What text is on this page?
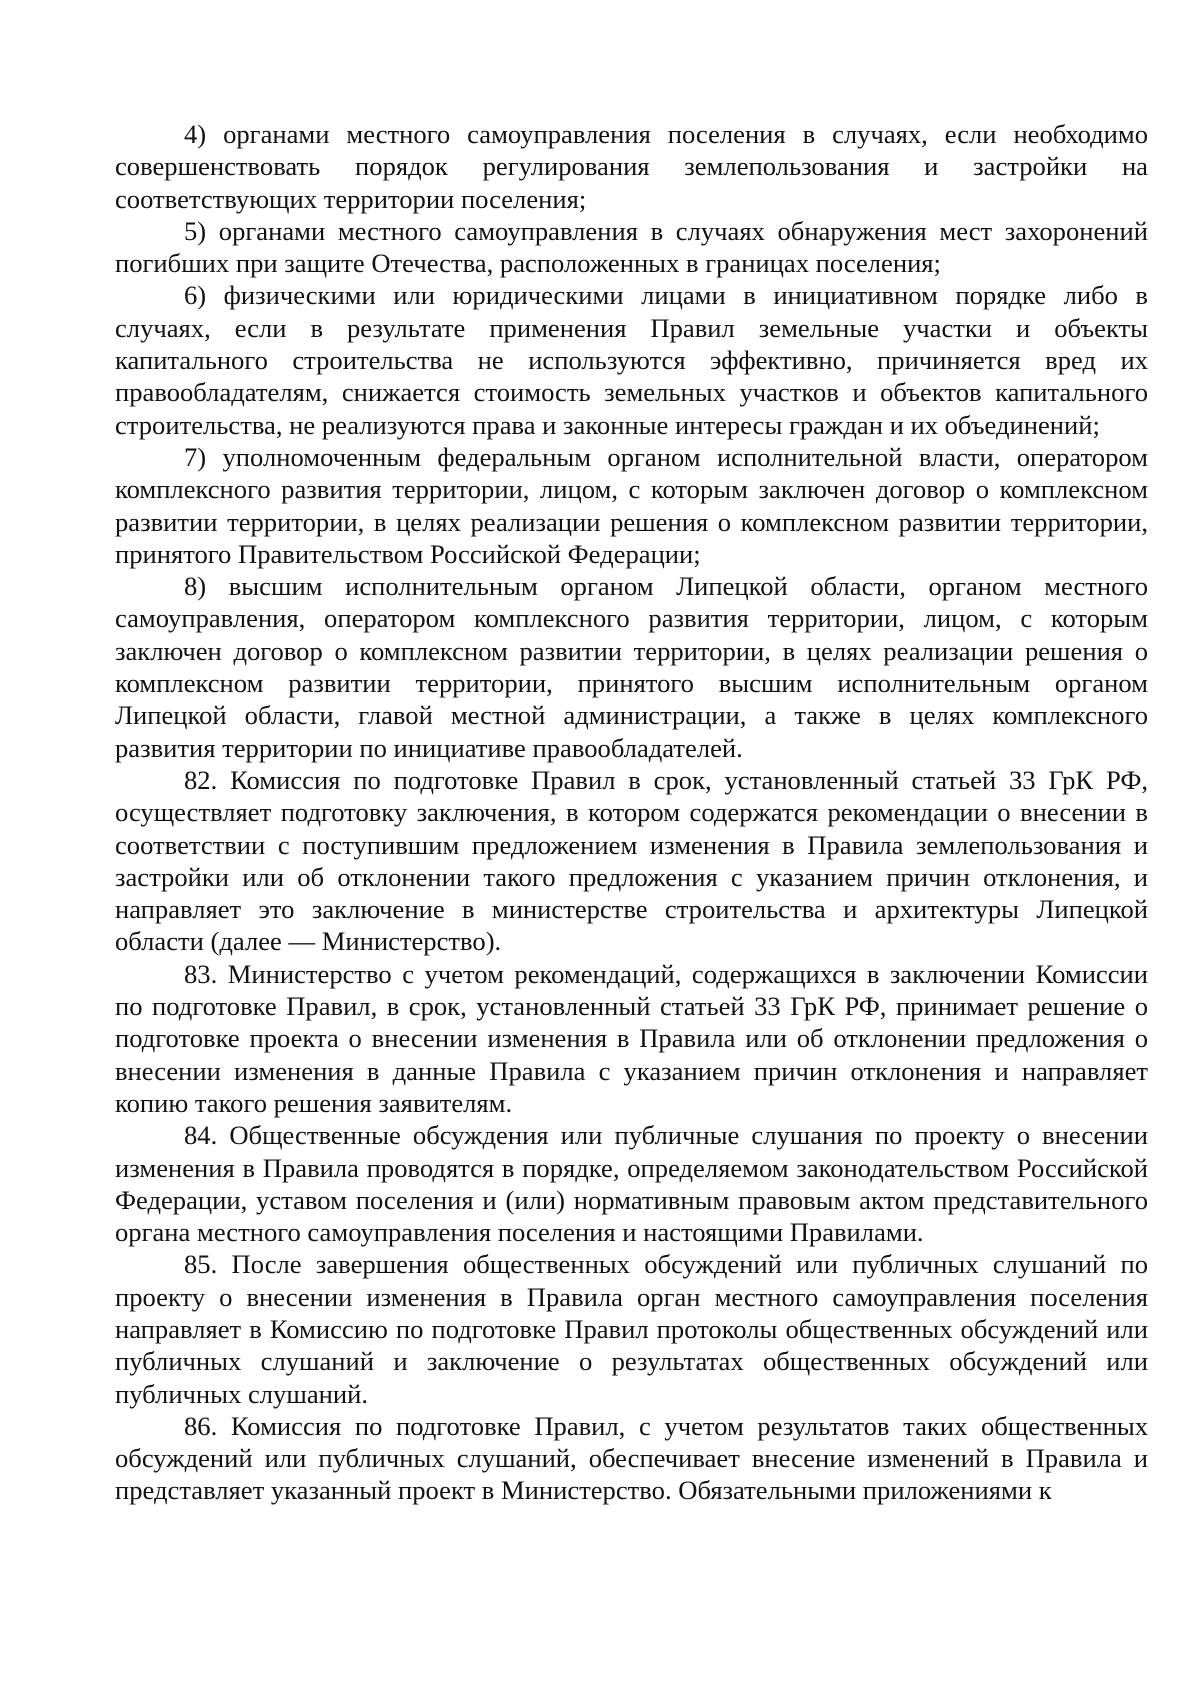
4) органами местного самоуправления поселения в случаях, если необходимо совершенствовать порядок регулирования землепользования и застройки на соответствующих территории поселения;

5) органами местного самоуправления в случаях обнаружения мест захоронений погибших при защите Отечества, расположенных в границах поселения;

6) физическими или юридическими лицами в инициативном порядке либо в случаях, если в результате применения Правил земельные участки и объекты капитального строительства не используются эффективно, причиняется вред их правообладателям, снижается стоимость земельных участков и объектов капитального строительства, не реализуются права и законные интересы граждан и их объединений;

7) уполномоченным федеральным органом исполнительной власти, оператором комплексного развития территории, лицом, с которым заключен договор о комплексном развитии территории, в целях реализации решения о комплексном развитии территории, принятого Правительством Российской Федерации;

8) высшим исполнительным органом Липецкой области, органом местного самоуправления, оператором комплексного развития территории, лицом, с которым заключен договор о комплексном развитии территории, в целях реализации решения о комплексном развитии территории, принятого высшим исполнительным органом Липецкой области, главой местной администрации, а также в целях комплексного развития территории по инициативе правообладателей.

82. Комиссия по подготовке Правил в срок, установленный статьей 33 ГрК РФ, осуществляет подготовку заключения, в котором содержатся рекомендации о внесении в соответствии с поступившим предложением изменения в Правила землепользования и застройки или об отклонении такого предложения с указанием причин отклонения, и направляет это заключение в министерстве строительства и архитектуры Липецкой области (далее — Министерство).

83. Министерство с учетом рекомендаций, содержащихся в заключении Комиссии по подготовке Правил, в срок, установленный статьей 33 ГрК РФ, принимает решение о подготовке проекта о внесении изменения в Правила или об отклонении предложения о внесении изменения в данные Правила с указанием причин отклонения и направляет копию такого решения заявителям.

84. Общественные обсуждения или публичные слушания по проекту о внесении изменения в Правила проводятся в порядке, определяемом законодательством Российской Федерации, уставом поселения и (или) нормативным правовым актом представительного органа местного самоуправления поселения и настоящими Правилами.

85. После завершения общественных обсуждений или публичных слушаний по проекту о внесении изменения в Правила орган местного самоуправления поселения направляет в Комиссию по подготовке Правил протоколы общественных обсуждений или публичных слушаний и заключение о результатах общественных обсуждений или публичных слушаний.

86. Комиссия по подготовке Правил, с учетом результатов таких общественных обсуждений или публичных слушаний, обеспечивает внесение изменений в Правила и представляет указанный проект в Министерство. Обязательными приложениями к
